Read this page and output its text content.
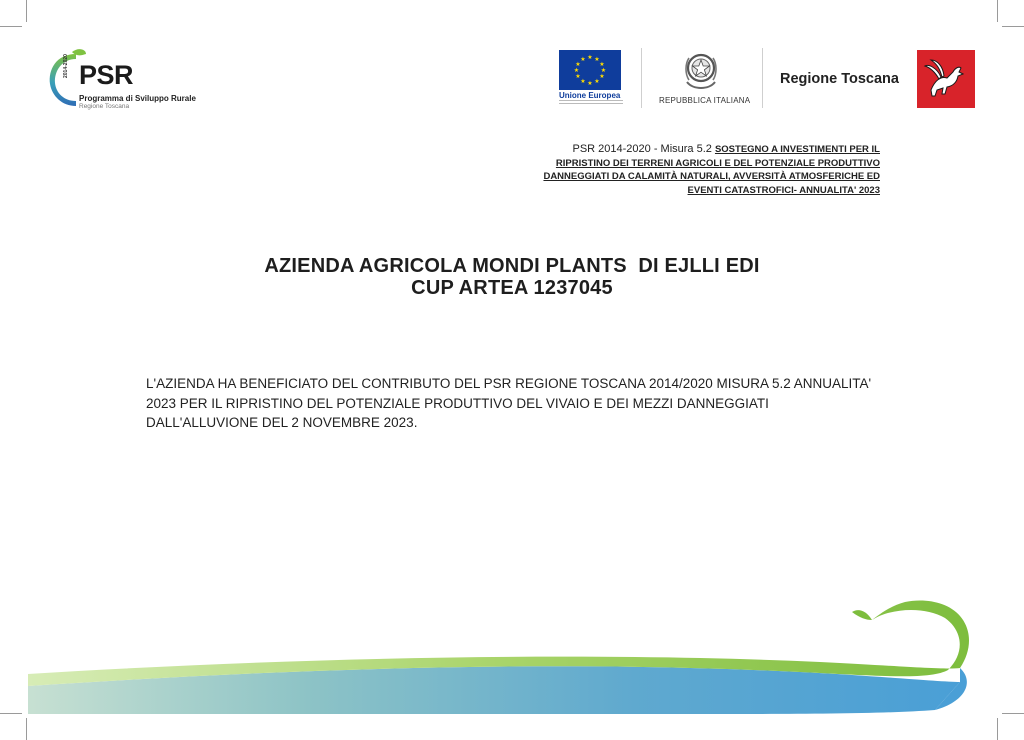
2014-2020 PSR
Programma di Sviluppo Rurale
Regione Toscana
★ ★
★
★
★
★
★
★
★
★
★
★
Unione Europea
REPUBBLICA ITALIANA
Regione Toscana
PSR 2014-2020 - Misura 5.2 SOSTEGNO A INVESTIMENTI PER IL
RIPRISTINO DEI TERRENI AGRICOLI E DEL POTENZIALE PRODUTTIVO
DANNEGGIATI DA CALAMITÀ NATURALI, AVVERSITÀ ATMOSFERICHE ED
EVENTI CATASTROFICI- ANNUALITA' 2023
AZIENDA AGRICOLA MONDI PLANTS  DI EJLLI EDI
CUP ARTEA 1237045
L'AZIENDA HA BENEFICIATO DEL CONTRIBUTO DEL PSR REGIONE TOSCANA 2014/2020 MISURA 5.2 ANNUALITA' 2023 PER IL RIPRISTINO DEL POTENZIALE PRODUTTIVO DEL VIVAIO E DEI MEZZI DANNEGGIATI DALL'ALLUVIONE DEL 2 NOVEMBRE 2023.
